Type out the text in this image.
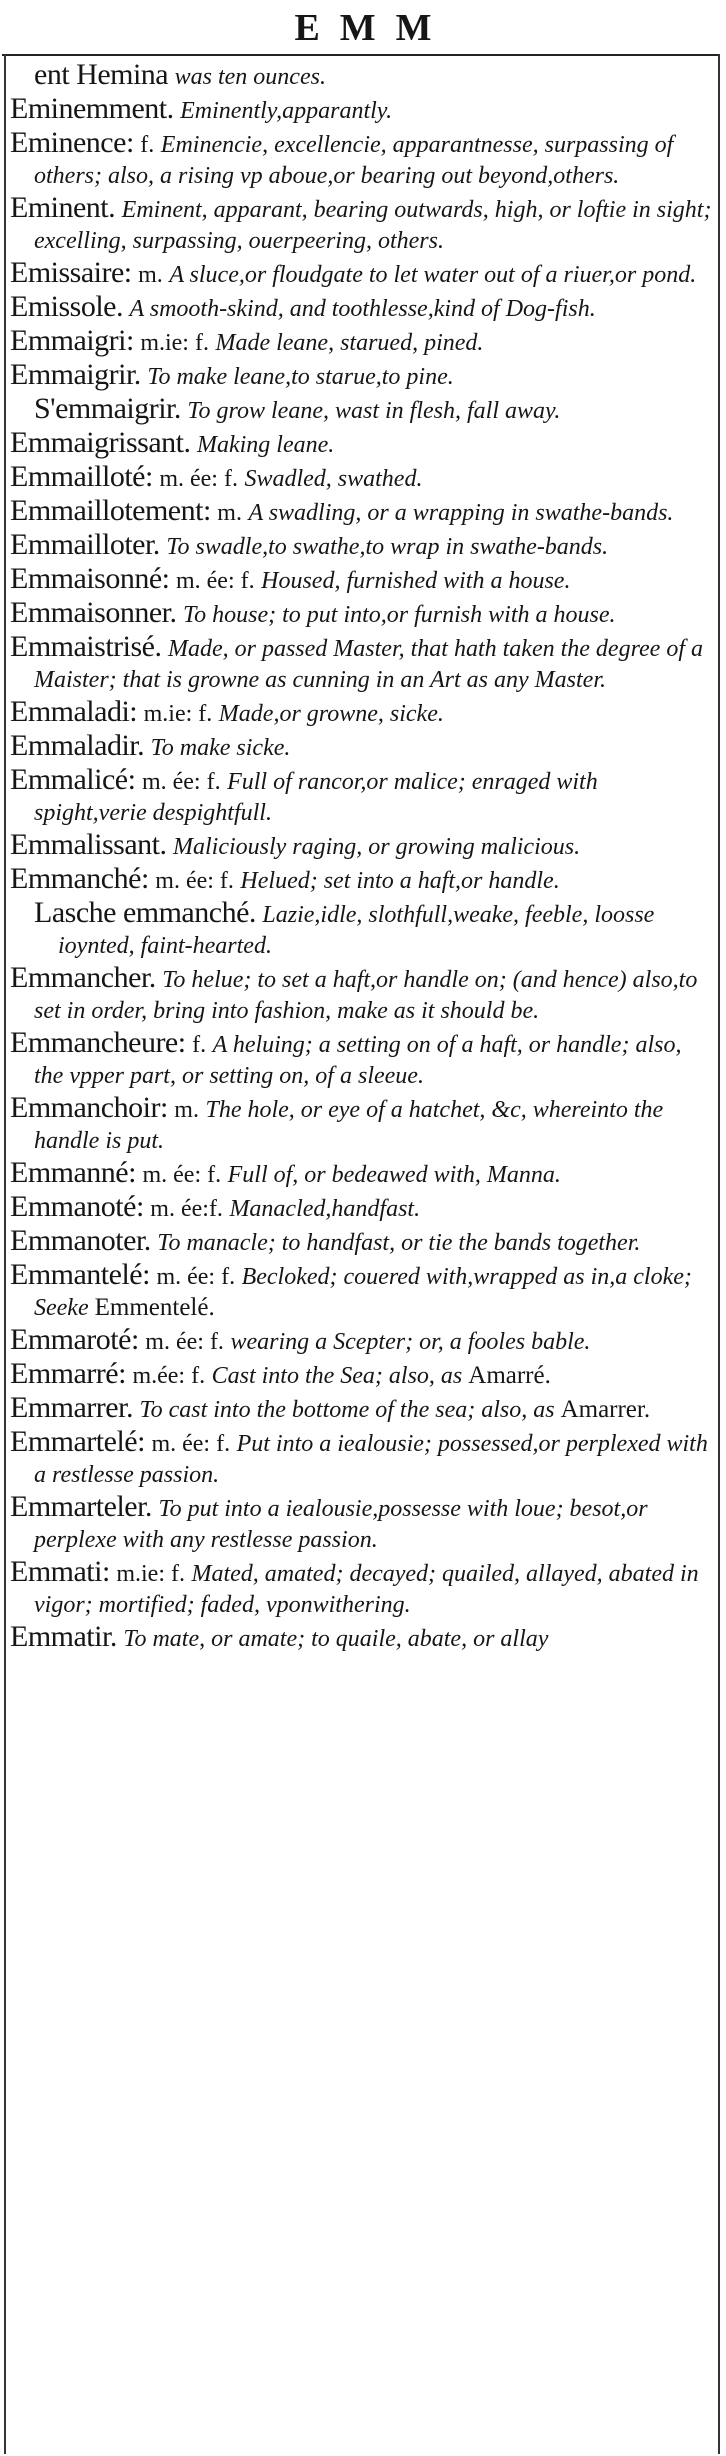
EMM
ent Hemina was ten ounces.
Eminemment. Eminently,apparantly.
Eminence: f. Eminencie, excellencie, apparantnesse, surpassing of others; also, a rising vp aboue,or bearing out beyond,others.
Eminent. Eminent, apparant, bearing outwards, high, or loftie in sight; excelling, surpassing, ouerpeering, others.
Emissaire: m. A sluce,or floudgate to let water out of a riuer,or pond.
Emissole. A smooth-skind, and toothlesse,kind of Dog-fish.
Emmaigri: m.ie: f. Made leane, starued, pined.
Emmaigrir. To make leane,to starue,to pine.
S'emmaigrir. To grow leane, wast in flesh, fall away.
Emmaigrissant. Making leane.
Emmailloté: m. ée: f. Swadled, swathed.
Emmaillotement: m. A swadling, or a wrapping in swathe-bands.
Emmailloter. To swadle,to swathe,to wrap in swathe-bands.
Emmaisonné: m. ée: f. Housed, furnished with a house.
Emmaisonner. To house; to put into,or furnish with a house.
Emmaistrisé. Made, or passed Master, that hath taken the degree of a Maister; that is growne as cunning in an Art as any Master.
Emmaladi: m.ie: f. Made,or growne, sicke.
Emmaladir. To make sicke.
Emmalicé: m. ée: f. Full of rancor,or malice; enraged with spight,verie despightfull.
Emmalissant. Maliciously raging, or growing malicious.
Emmanché: m. ée: f. Helued; set into a haft,or handle.
Lasche emmanché. Lazie,idle, slothfull,weake, feeble, loosse ioynted, faint-hearted.
Emmancher. To helue; to set a haft,or handle on; (and hence) also,to set in order, bring into fashion, make as it should be.
Emmancheure: f. A heluing; a setting on of a haft, or handle; also, the vpper part, or setting on, of a sleeue.
Emmanchoir: m. The hole, or eye of a hatchet, &c, whereinto the handle is put.
Emmanné: m. ée: f. Full of, or bedeawed with, Manna.
Emmanoté: m. ée:f. Manacled,handfast.
Emmanoter. To manacle; to handfast, or tie the bands together.
Emmantelé: m. ée: f. Becloked; couered with,wrapped as in,a cloke; Seeke Emmentelé.
Emmaroté: m. ée: f. wearing a Scepter; or, a fooles bable.
Emmarré: m.ée: f. Cast into the Sea; also, as Amarré.
Emmarrer. To cast into the bottome of the sea; also, as Amarrer.
Emmartelé: m. ée: f. Put into a iealousie; possessed,or perplexed with a restlesse passion.
Emmarteler. To put into a iealousie,possesse with loue; besot,or perplexe with any restlesse passion.
Emmati: m.ie: f. Mated, amated; decayed; quailed, allayed, abated in vigor; mortified; faded, vponwithering.
Emmatir. To mate, or amate; to quaile, abate, or allay
